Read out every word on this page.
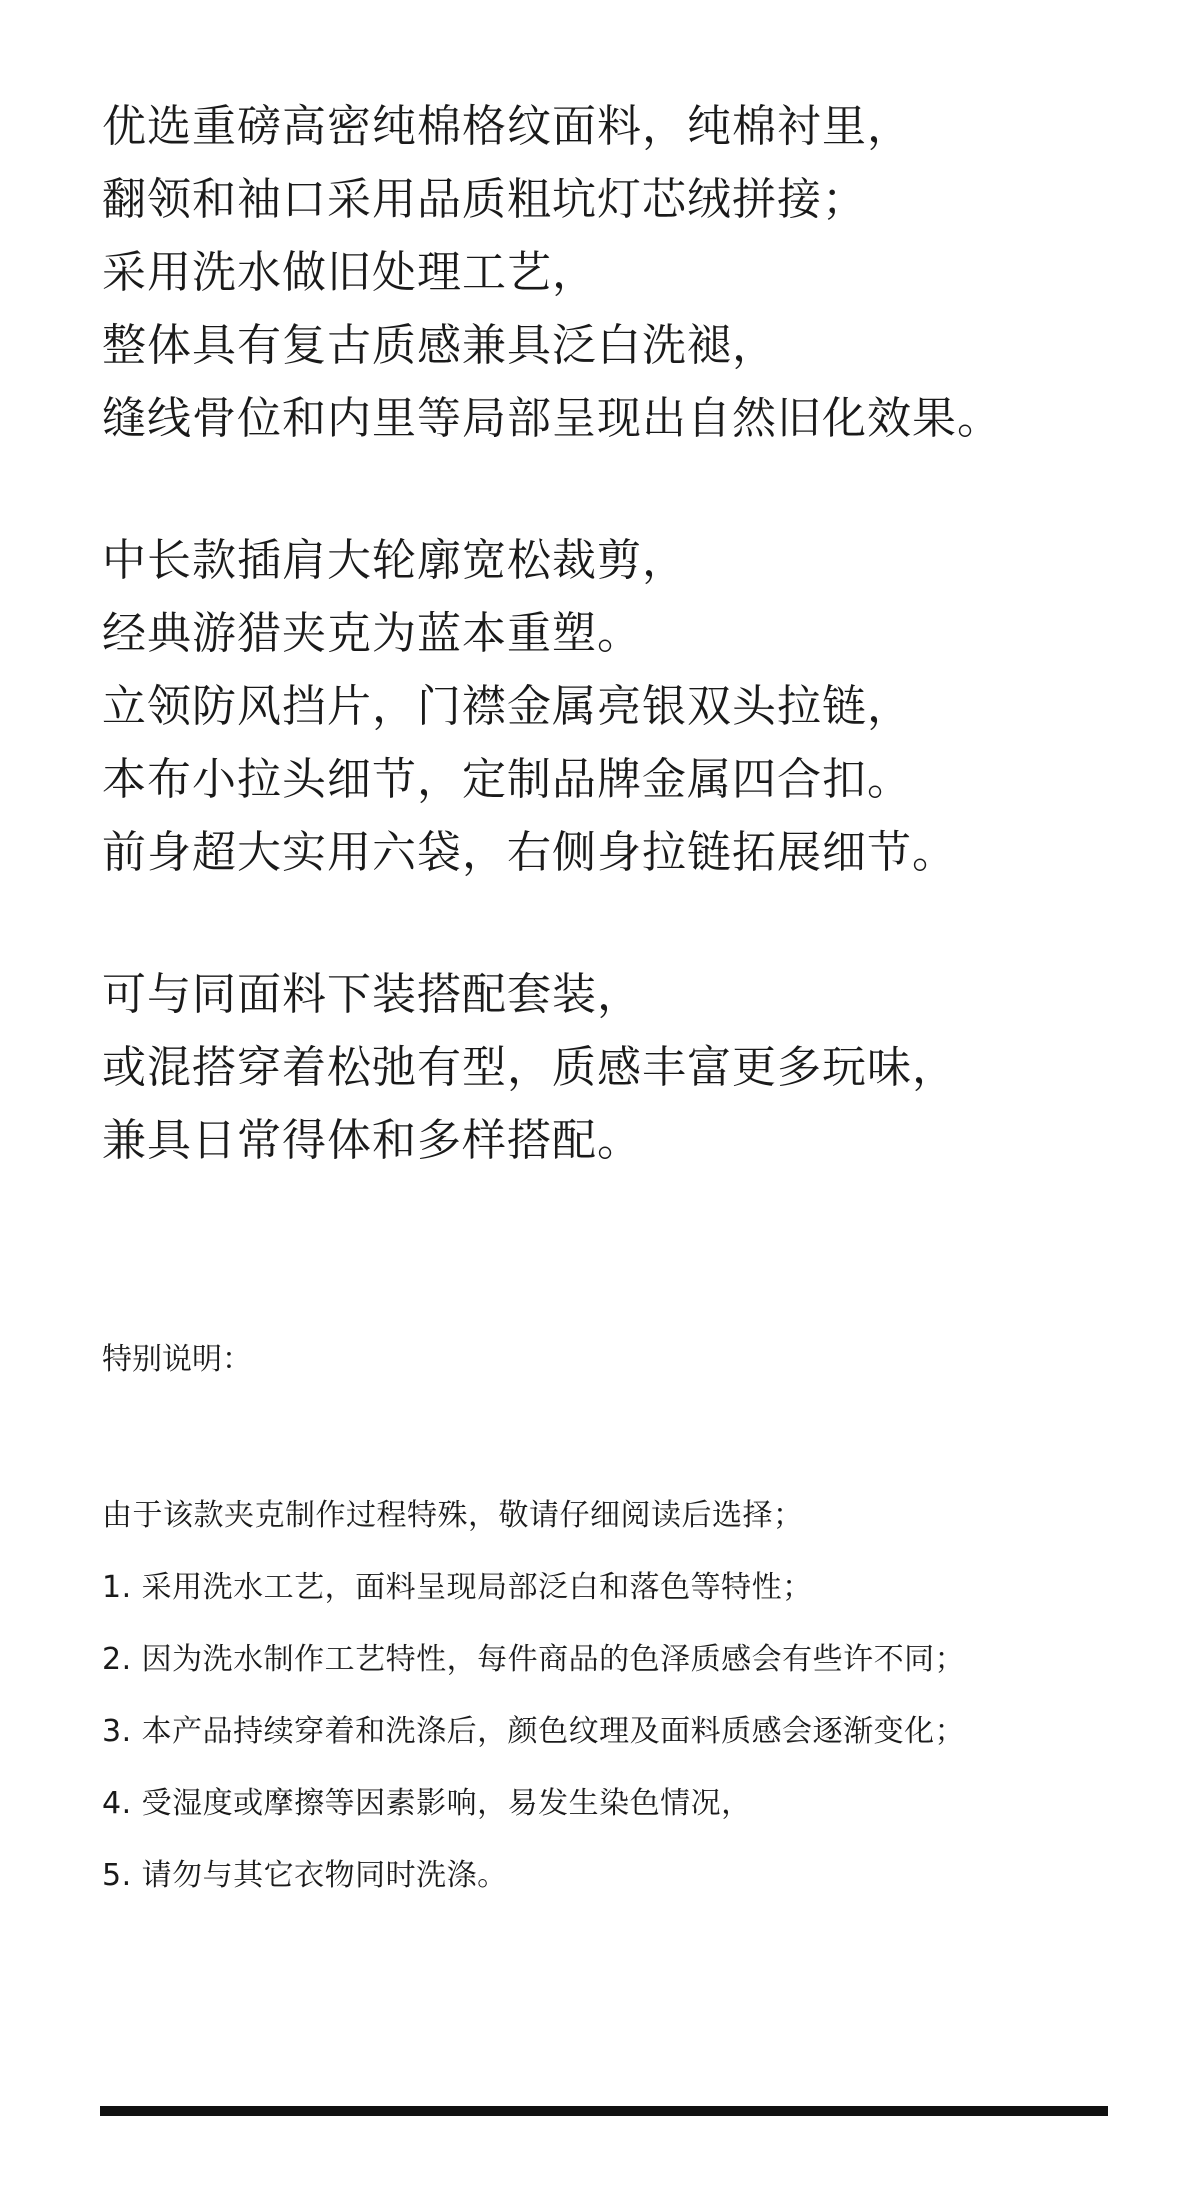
优选重磅高密纯棉格纹面料，纯棉衬里，
翻领和袖口采用品质粗坑灯芯绒拼接；
采用洗水做旧处理工艺，
整体具有复古质感兼具泛白洗褪，
缝线骨位和内里等局部呈现出自然旧化效果。
中长款插肩大轮廓宽松裁剪，
经典游猎夹克为蓝本重塑。
立领防风挡片，门襟金属亮银双头拉链，
本布小拉头细节，定制品牌金属四合扣。
前身超大实用六袋，右侧身拉链拓展细节。
可与同面料下装搭配套装，
或混搭穿着松弛有型，质感丰富更多玩味，
兼具日常得体和多样搭配。
特别说明：
由于该款夹克制作过程特殊，敬请仔细阅读后选择；
1. 采用洗水工艺，面料呈现局部泛白和落色等特性；
2. 因为洗水制作工艺特性，每件商品的色泽质感会有些许不同；
3. 本产品持续穿着和洗涤后，颜色纹理及面料质感会逐渐变化；
4. 受湿度或摩擦等因素影响，易发生染色情况，
5. 请勿与其它衣物同时洗涤。
